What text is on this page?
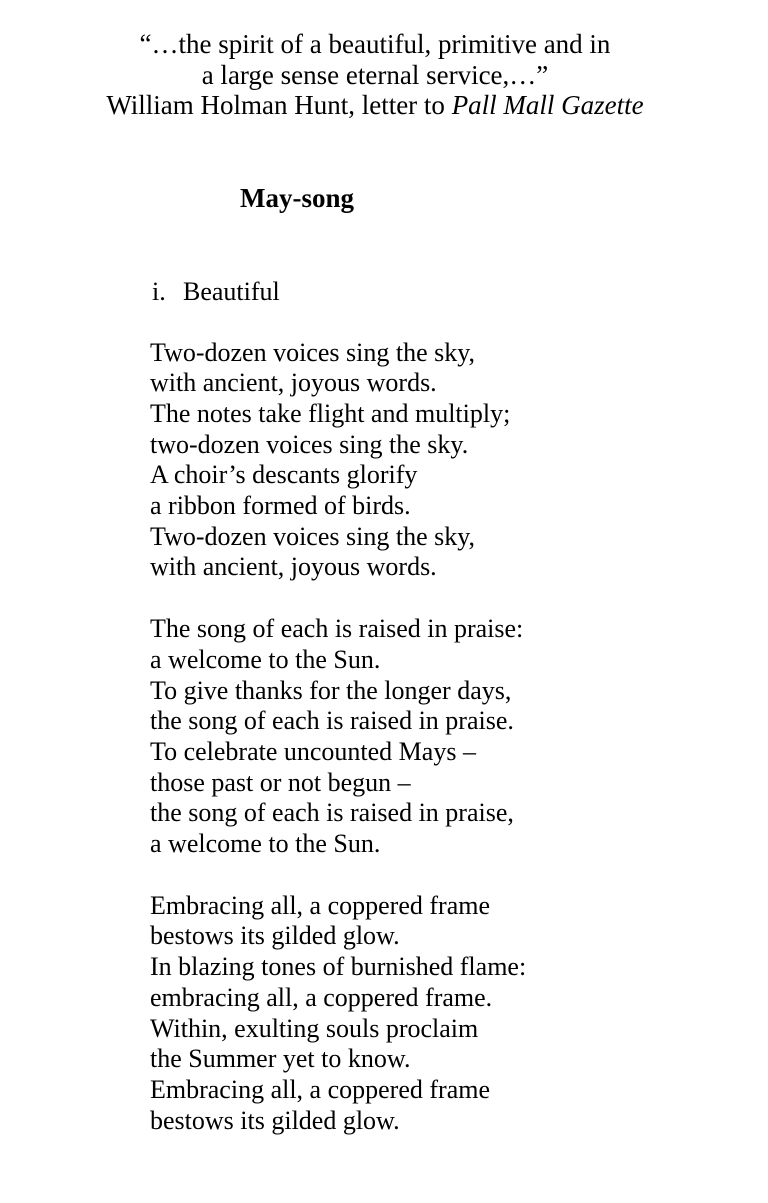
“…the spirit of a beautiful, primitive and in
a large sense eternal service,…”
William Holman Hunt, letter to Pall Mall Gazette
May-song
i. Beautiful
Two-dozen voices sing the sky,
with ancient, joyous words.
The notes take flight and multiply;
two-dozen voices sing the sky.
A choir’s descants glorify
a ribbon formed of birds.
Two-dozen voices sing the sky,
with ancient, joyous words.
The song of each is raised in praise:
a welcome to the Sun.
To give thanks for the longer days,
the song of each is raised in praise.
To celebrate uncounted Mays –
those past or not begun –
the song of each is raised in praise,
a welcome to the Sun.
Embracing all, a coppered frame
bestows its gilded glow.
In blazing tones of burnished flame:
embracing all, a coppered frame.
Within, exulting souls proclaim
the Summer yet to know.
Embracing all, a coppered frame
bestows its gilded glow.
